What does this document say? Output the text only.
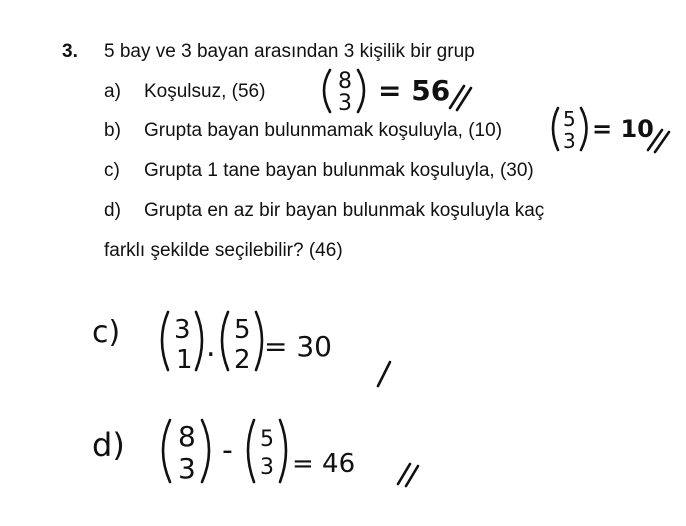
3. 5 bay ve 3 bayan arasından 3 kişilik bir grup
a) Koşulsuz, (56)
b) Grupta bayan bulunmamak koşuluyla, (10)
c) Grupta 1 tane bayan bulunmak koşuluyla, (30)
d) Grupta en az bir bayan bulunmak koşuluyla kaç
farklı şekilde seçilebilir? (46)
8
3 = 56
5
3 = 10
c) 3
1 . 5
2 = 30
d) 8
3
- 5
3 = 46
